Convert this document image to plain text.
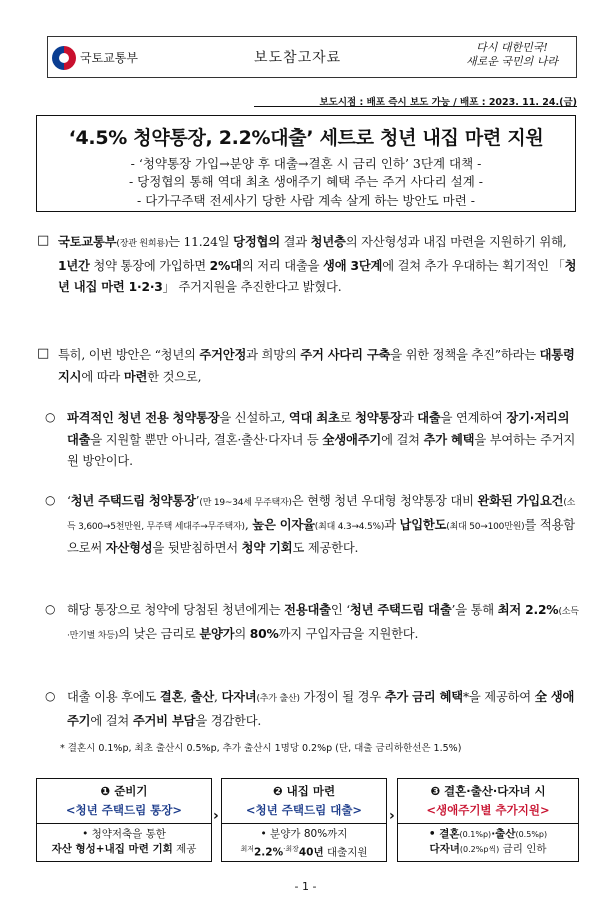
국토교통부	보도참고자료
다시 대한민국!
새로운 국민의 나라
보도시점 : 배포 즉시 보도 가능 / 배포 : 2023. 11. 24.(금)
‘4.5% 청약통장, 2.2%대출’ 세트로 청년 내집 마련 지원
- ‘청약통장 가입→분양 후 대출→결혼 시 금리 인하’ 3단계 대책 -
- 당정협의 통해 역대 최초 생애주기 혜택 주는 주거 사다리 설계 -
- 다가구주택 전세사기 당한 사람 계속 살게 하는 방안도 마련 -
□ 국토교통부(장관 원희룡)는 11.24일 당정협의 결과 청년층의 자산형성과 내집 마련을 지원하기 위해, 1년간 청약 통장에 가입하면 2%대의 저리 대출을 생애 3단계에 걸쳐 추가 우대하는 획기적인 「청년 내집 마련 1·2·3」 주거지원을 추진한다고 밝혔다.
□ 특히, 이번 방안은 “청년의 주거안정과 희망의 주거 사다리 구축을 위한 정책을 추진”하라는 대통령 지시에 따라 마련한 것으로,
○ 파격적인 청년 전용 청약통장을 신설하고, 역대 최초로 청약통장과 대출을 연계하여 장기·저리의 대출을 지원할 뿐만 아니라, 결혼·출산·다자녀 등 全생애주기에 걸쳐 추가 혜택을 부여하는 주거지원 방안이다.
○ ‘청년 주택드림 청약통장’(만 19~34세 무주택자)은 현행 청년 우대형 청약통장 대비 완화된 가입요건(소득 3,600→5천만원, 무주택 세대주→무주택자), 높은 이자율(최대 4.3→4.5%)과 납입한도(최대 50→100만원)를 적용함으로써 자산형성을 뒷받침하면서 청약 기회도 제공한다.
○ 해당 통장으로 청약에 당첨된 청년에게는 전용대출인 ‘청년 주택드림 대출’을 통해 최저 2.2%(소득·만기별 차등)의 낮은 금리로 분양가의 80%까지 구입자금을 지원한다.
○ 대출 이용 후에도 결혼, 출산, 다자녀(추가 출산) 가정이 될 경우 추가 금리 혜택*을 제공하여 全 생애주기에 걸쳐 주거비 부담을 경감한다.
* 결혼시 0.1%p, 최초 출산시 0.5%p, 추가 출산시 1명당 0.2%p (단, 대출 금리하한선은 1.5%)
❶ 준비기
<청년 주택드림 통장>
• 청약저축을 통한
자산 형성+내집 마련 기회 제공
›
❷ 내집 마련
<청년 주택드림 대출>
• 분양가 80%까지
$^{최저}$2.2%$^{\cdot 최장}$40년 대출지원
›
❸ 결혼·출산·다자녀 시
<생애주기별 추가지원>
• 결혼(0.1%p)·출산(0.5%p)
다자녀(0.2%p씩) 금리 인하
- 1 -
